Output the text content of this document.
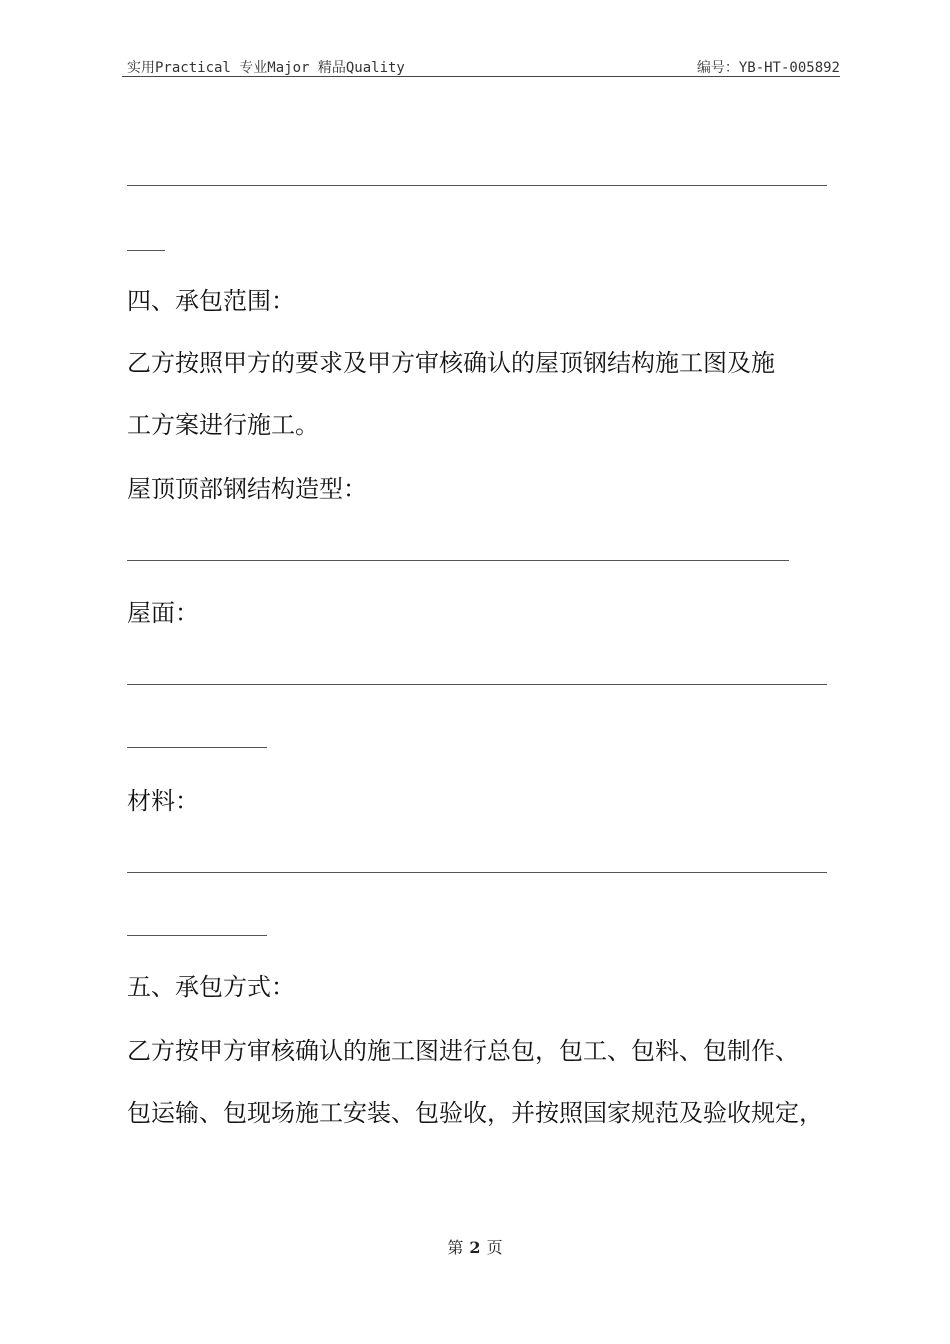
实用Practical 专业Major 精品Quality	编号：YB-HT-005892
四、承包范围：
乙方按照甲方的要求及甲方审核确认的屋顶钢结构施工图及施
工方案进行施工。
屋顶顶部钢结构造型：
屋面：
材料：
五、承包方式：
乙方按甲方审核确认的施工图进行总包，包工、包料、包制作、
包运输、包现场施工安装、包验收，并按照国家规范及验收规定，
第 2 页
